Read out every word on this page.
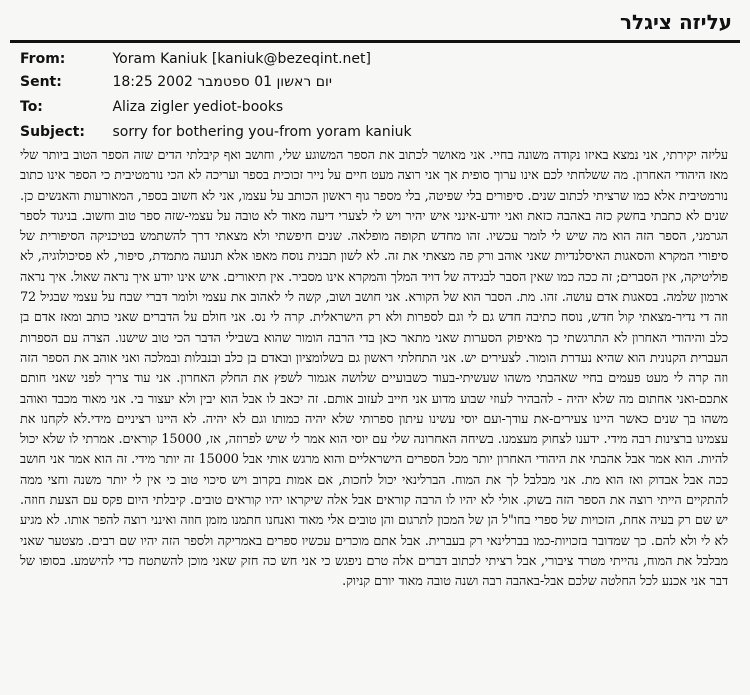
עליזה ציגלר
From:	Yoram Kaniuk [kaniuk@bezeqint.net]
Sent:	יום ראשון 01 ספטמבר 2002 18:25
To:	Aliza zigler yediot-books
Subject: sorry for bothering you-from yoram kaniuk

עליזה יקירתי, אני נמצא באיזו נקודה משונה בחיי. אני מאושר לכתוב את הספר המשוגע שלי, וחושב ואף קיבלתי הדים שזה הספר הטוב ביותר שלי מאז היהודי האחרון. מה ששלחתי לכם אינו ערוך סופית אך אני רוצה מעט חיים על נייר זכוכית בספר ועריכה לא הכי נורמטיבית כי הספר אינו כתוב נורמטיבית אלא כמו שרציתי לכתוב שנים. סיפורים בלי שפיטה, בלי מספר גוף ראשון הכותב על עצמו, אני לא חשוב בספר, המאורעות והאנשים כן. שנים לא כתבתי בחשק כזה באהבה כזאת ואני יודע-אינני איש יהיר ויש לי לצערי דיעה מאוד לא טובה על עצמי-שזה ספר טוב וחשוב. בניגוד לספר הגרמני, הספר הזה הוא מה שיש לי לומר עכשיו. זהו מחדש תקופה מופלאה. שנים חיפשתי ולא מצאתי דרך להשתמש בטיכניקה הסיפורית של סיפורי המקרא והסאגות האיסלנדיות שאני אוהב ורק פה מצאתי את זה. לא לשון תבנית נוסח מאפו אלא תנועה מתמדת, סיפור, לא פסיכולוגיה, לא פוליטיקה, אין הסברים; זה ככה כמו שאין הסבר לבגידה של דויד המלך והמקרא אינו מסביר. אין תיאורים. איש אינו יודע איך נראה שאול. איך נראה ארמון שלמה. בסאגות אדם עושה. זהו. מת. הסבר הוא של הקורא. אני חושב ושוב, קשה לי לאהוב את עצמי ולומר דברי שבח על עצמי שבגיל 72 וזה די נדיר-מצאתי קול חדש, נוסח כתיבה חדש גם לי וגם לספרות ולא רק הישראלית. קרה לי נס. אני חולם על הדברים שאני כותב ומאז אדם בן כלב והיהודי האחרון לא התרגשתי כך מאיפוק הסערות שאני מתאר כאן בדי הרבה הומור שהוא בשבילי הדבר הכי טוב שישנו. הצרה עם הספרות העברית הקנונית הוא שהיא נעדרת הומור. לצעירים יש. אני התחלתי ראשון גם בשלומציון ובאדם בן כלב ובנבלות ובמלכה ואני אוהב את הספר הזה וזה קרה לי מעט פעמים בחיי שאהבתי משהו שעשיתי-בעוד כשבועיים שלושה אגמור לשפץ את החלק האחרון. אני עוד צריך לפני שאני חותם אתכם-ואני אחתום מה שלא יהיה - להבהיר לעוזי שבוע מדוע אני חייב לעזוב אותם. זה יכאב לו אבל הוא יבין ולא יעצור בי. אני מאוד מכבד ואוהב משהו בך שנים כאשר היינו צעירים-את עודך-ועם יוסי עשינו עיתון ספרותי שלא יהיה כמותו וגם לא יהיה. לא היינו רציניים מידי.לא לקחנו את עצמינו ברצינות רבה מידי. ידענו לצחוק מעצמנו. בשיחה האחרונה שלי עם יוסי הוא אמר לי שיש לפרוזה, אז, 15000 קוראים. אמרתי לו שלא יכול להיות. הוא אמר אבל אהבתי את היהודי האחרון יותר מכל הספרים הישראליים והוא מרגש אותי אבל 15000 זה יותר מידי. זה הוא אמר אני חושב ככה אבל אבדוק ואז הוא מת. אני מבלבל לך את המוח. הברלינאי יכול לחכות, אם אמות בקרוב ויש סיכוי טוב כי אין לי יותר משנה וחצי ממה להתקיים הייתי רוצה את הספר הזה בשוק. אולי לא יהיו לו הרבה קוראים אבל אלה שיקראו יהיו קוראים טובים. קיבלתי היום פקס עם הצעת חוזה. יש שם רק בעיה אחת, הזכויות של ספרי בחו"ל הן של המכון לתרגום והן טובים אלי מאוד ואנחנו חתמנו מזמן חוזה ואינני רוצה להפר אותו. לא מגיע לא לי ולא להם. כך שמדובר בזכויות-כמו בברלינאי רק בעברית. אבל אתם מוכרים עכשיו ספרים באמריקה ולספר הזה יהיו שם רבים. מצטער שאני מבלבל את המוח, נהייתי מטרד ציבורי, אבל רציתי לכתוב דברים אלה טרם ניפגש כי אני חש כה חזק שאני מוכן להשתטח כדי להישמע. בסופו של דבר אני אכנע לכל החלטה שלכם אבל-באהבה רבה ושנה טובה מאוד יורם קניוק.
